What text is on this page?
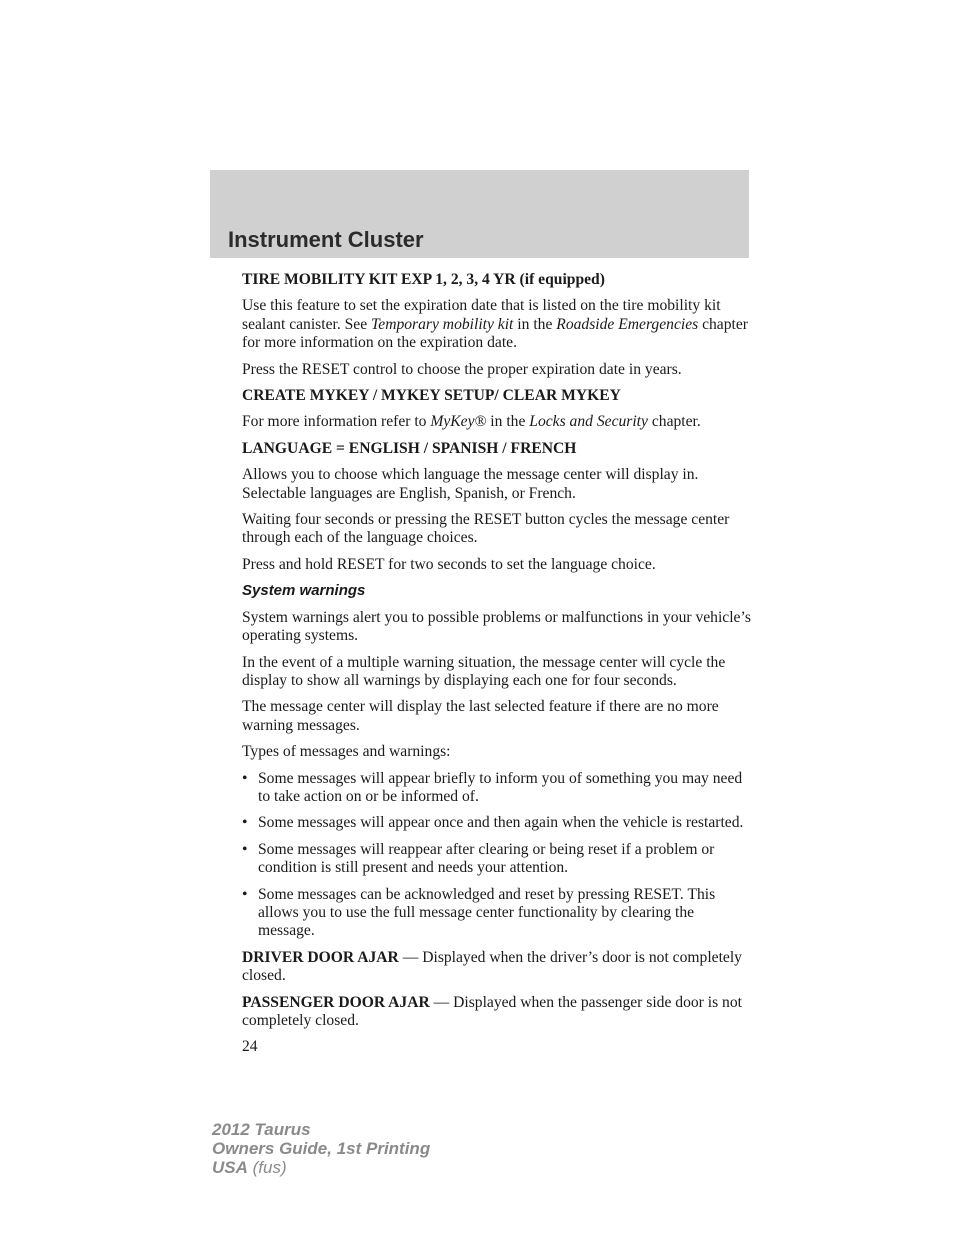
Instrument Cluster

TIRE MOBILITY KIT EXP 1, 2, 3, 4 YR (if equipped)

Use this feature to set the expiration date that is listed on the tire mobility kit sealant canister. See Temporary mobility kit in the Roadside Emergencies chapter for more information on the expiration date.

Press the RESET control to choose the proper expiration date in years.

CREATE MYKEY / MYKEY SETUP/ CLEAR MYKEY

For more information refer to MyKey® in the Locks and Security chapter.

LANGUAGE = ENGLISH / SPANISH / FRENCH

Allows you to choose which language the message center will display in. Selectable languages are English, Spanish, or French.

Waiting four seconds or pressing the RESET button cycles the message center through each of the language choices.

Press and hold RESET for two seconds to set the language choice.

System warnings

System warnings alert you to possible problems or malfunctions in your vehicle’s operating systems.

In the event of a multiple warning situation, the message center will cycle the display to show all warnings by displaying each one for four seconds.

The message center will display the last selected feature if there are no more warning messages.

Types of messages and warnings:

• Some messages will appear briefly to inform you of something you may need to take action on or be informed of.
• Some messages will appear once and then again when the vehicle is restarted.
• Some messages will reappear after clearing or being reset if a problem or condition is still present and needs your attention.
• Some messages can be acknowledged and reset by pressing RESET. This allows you to use the full message center functionality by clearing the message.

DRIVER DOOR AJAR — Displayed when the driver’s door is not completely closed.

PASSENGER DOOR AJAR — Displayed when the passenger side door is not completely closed.

24

2012 Taurus
Owners Guide, 1st Printing
USA (fus)
